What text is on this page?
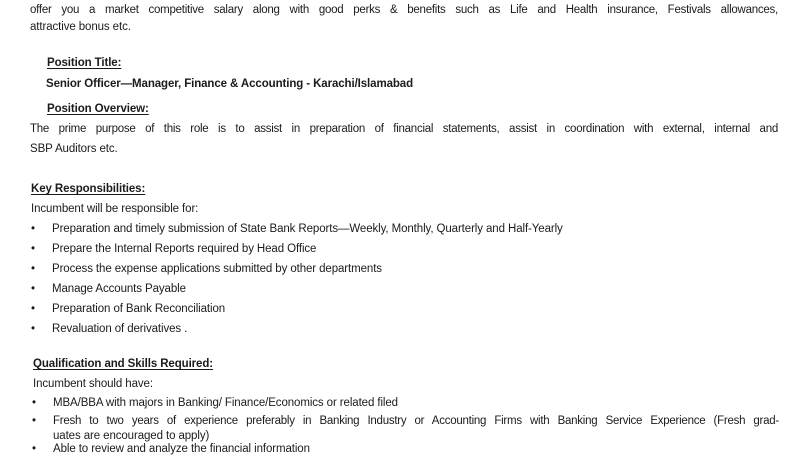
offer you a market competitive salary along with good perks & benefits such as Life and Health insurance, Festivals allowances,
attractive bonus etc.
Position Title:
Senior Officer—Manager, Finance & Accounting - Karachi/Islamabad
Position Overview:
The prime purpose of this role is to assist in preparation of financial statements, assist in coordination with external, internal and
SBP Auditors etc.
Key Responsibilities:
Incumbent will be responsible for:
• Preparation and timely submission of State Bank Reports—Weekly, Monthly, Quarterly and Half-Yearly
• Prepare the Internal Reports required by Head Office
• Process the expense applications submitted by other departments
• Manage Accounts Payable
• Preparation of Bank Reconciliation
• Revaluation of derivatives .
Qualification and Skills Required:
Incumbent should have:
• MBA/BBA with majors in Banking/ Finance/Economics or related filed
• Fresh to two years of experience preferably in Banking Industry or Accounting Firms with Banking Service Experience (Fresh grad-
uates are encouraged to apply)
• Able to review and analyze the financial information
